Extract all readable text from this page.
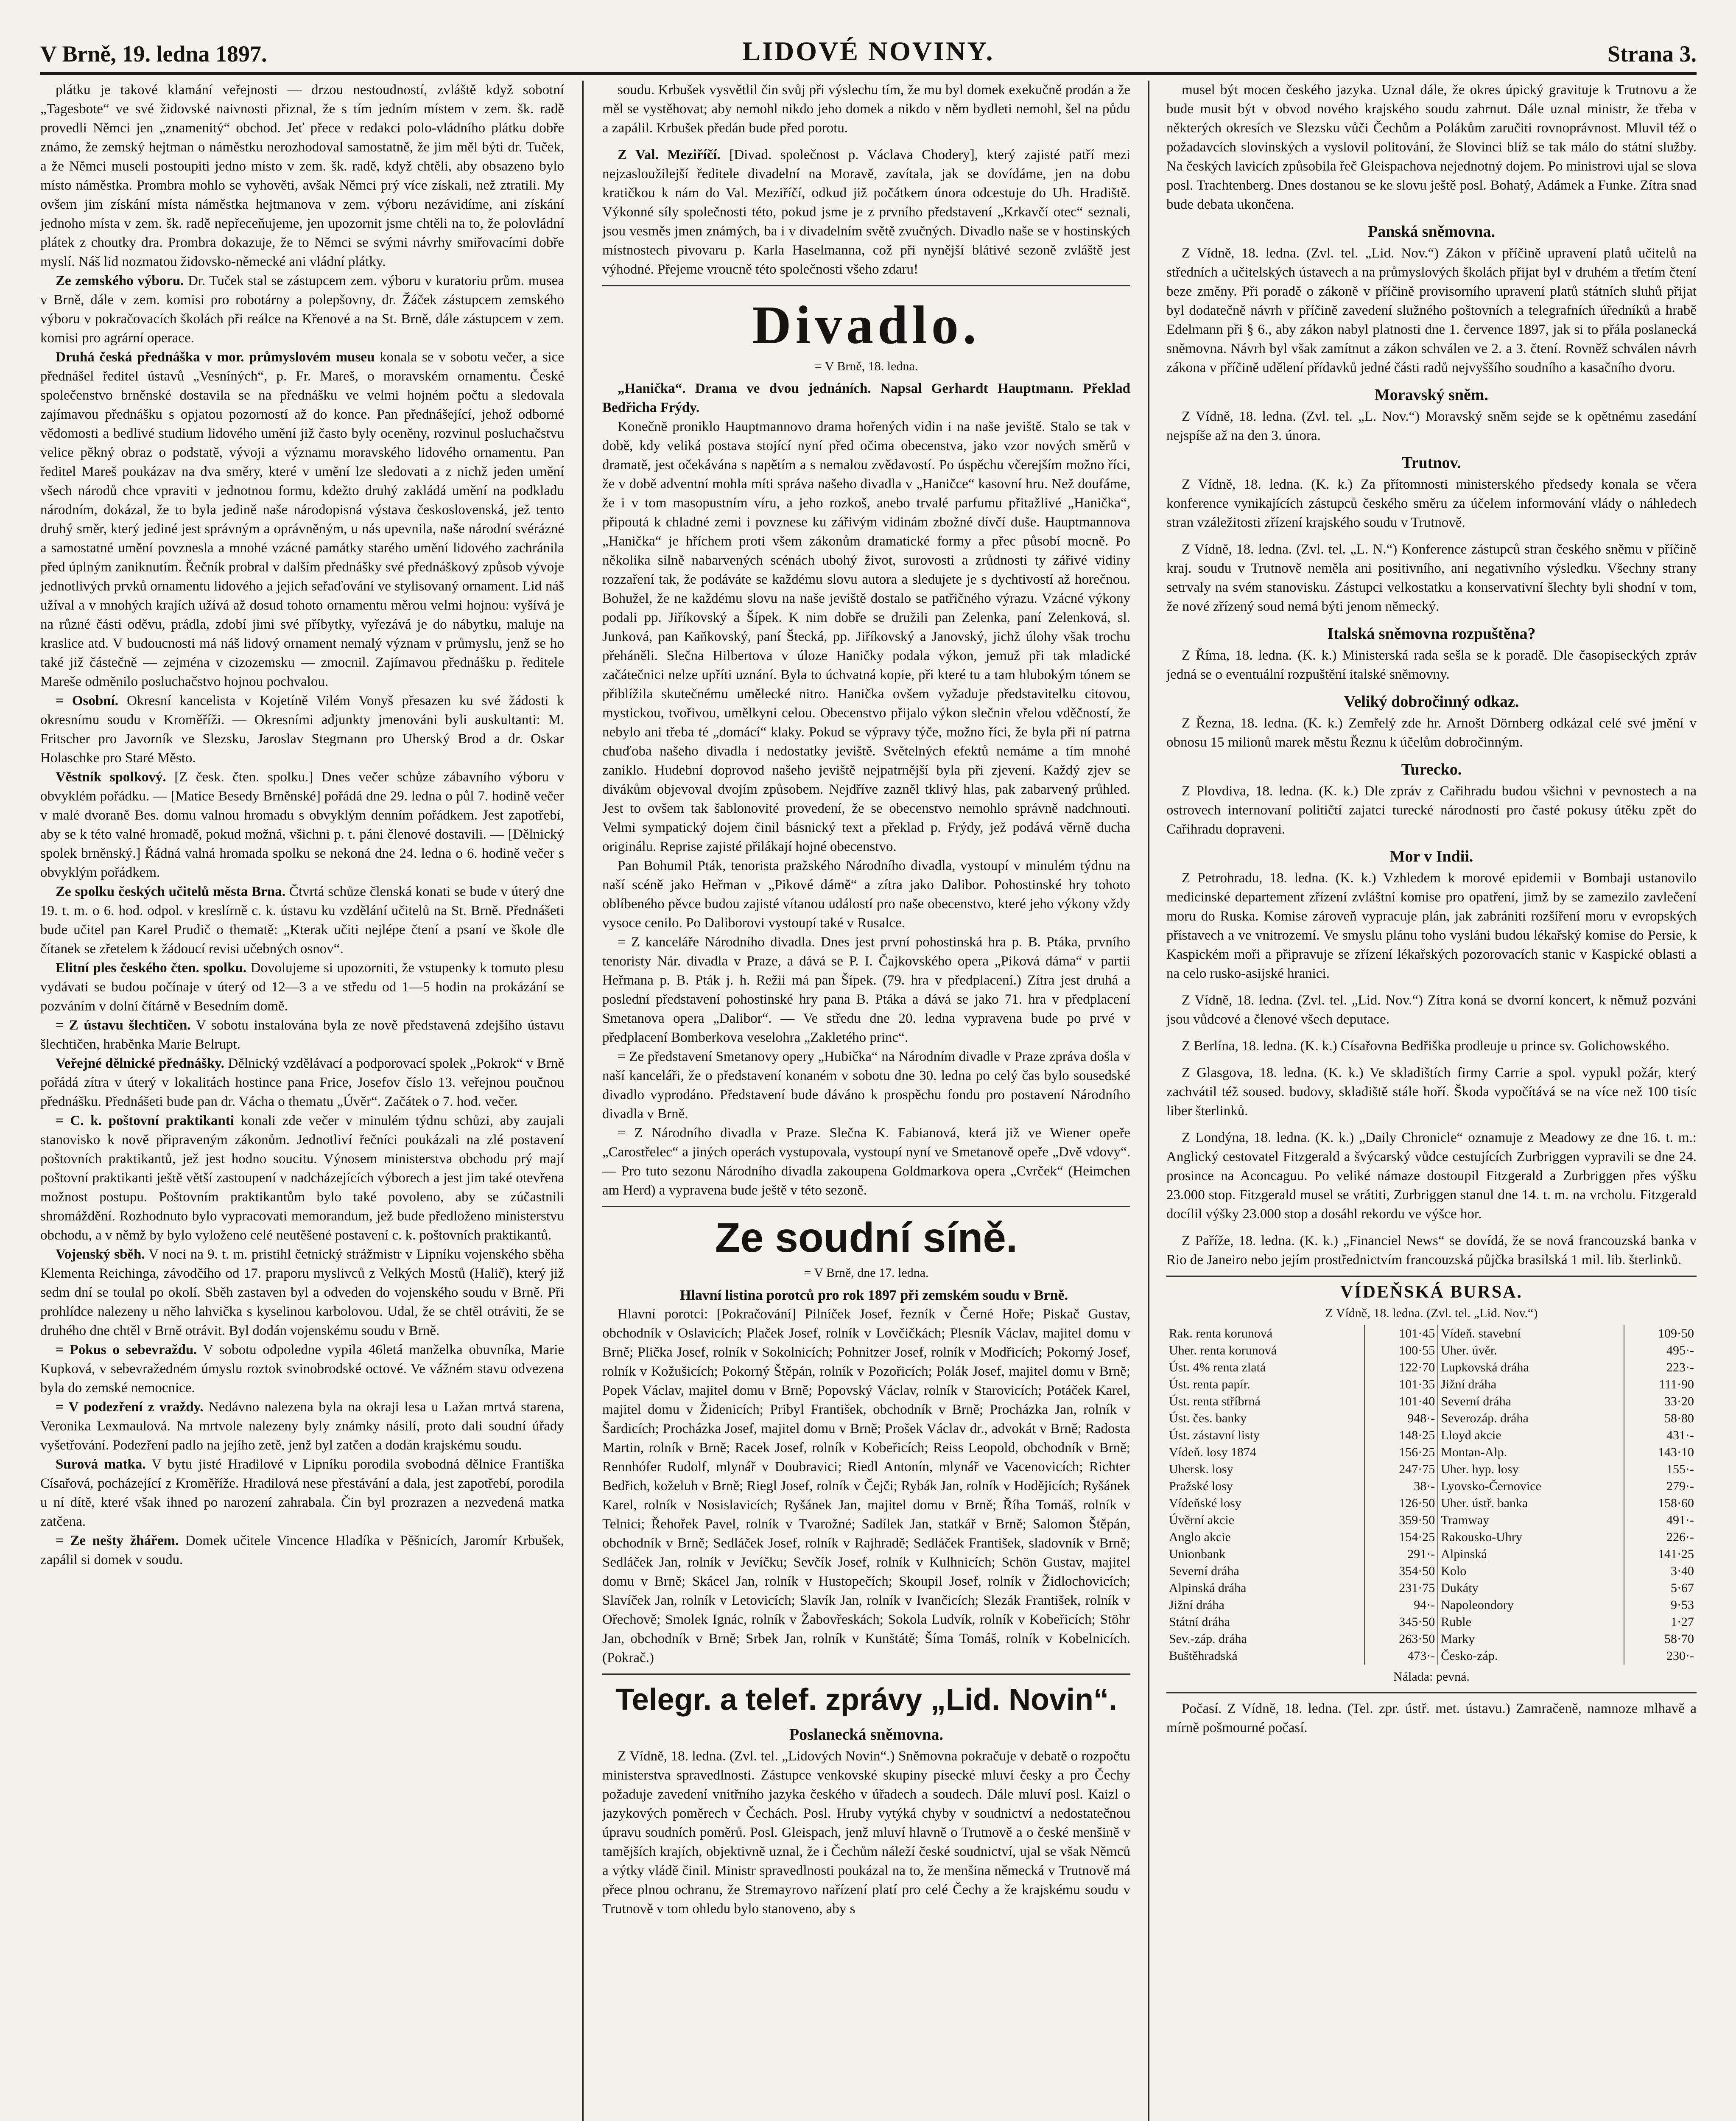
V Brně, 19. ledna 1897.	LIDOVÉ NOVINY.	Strana 3.

plátku je takové klamání veřejnosti — drzou nestoudností, zvláště když sobotní „Tagesbote“ ve své židovské naivnosti přiznal, že s tím jedním místem v zem. šk. radě provedli Němci jen „znamenitý“ obchod. Jeť přece v redakci polo-vládního plátku dobře známo, že zemský hejtman o náměstku nerozhodoval samostatně, že jim měl býti dr. Tuček, a že Němci museli postoupiti jedno místo v zem. šk. radě, když chtěli, aby obsazeno bylo místo náměstka. Prombra mohlo se vyhověti, avšak Němci prý více získali, než ztratili. My ovšem jim získání místa náměstka hejtmanova v zem. výboru nezávidíme, ani získání jednoho místa v zem. šk. radě nepřeceňujeme, jen upozornit jsme chtěli na to, že polovládní plátek z choutky dra. Prombra dokazuje, že to Němci se svými návrhy smiřovacími dobře myslí. Náš lid nozmatou židovsko-německé ani vládní plátky.

Ze zemského výboru. Dr. Tuček stal se zástupcem zem. výboru v kuratoriu prům. musea v Brně, dále v zem. komisi pro robotárny a polepšovny, dr. Žáček zástupcem zemského výboru v pokračovacích školách při reálce na Křenové a na St. Brně, dále zástupcem v zem. komisi pro agrární operace.

Druhá česká přednáška v mor. průmyslovém museu konala se v sobotu večer, a sice přednášel ředitel ústavů „Vesníných“, p. Fr. Mareš, o moravském ornamentu. České společenstvo brněnské dostavila se na přednášku ve velmi hojném počtu a sledovala zajímavou přednášku s opjatou pozorností až do konce. Pan přednášející, jehož odborné vědomosti a bedlivé studium lidového umění již často byly oceněny, rozvinul posluchačstvu velice pěkný obraz o podstatě, vývoji a významu moravského lidového ornamentu. Pan ředitel Mareš poukázav na dva směry, které v umění lze sledovati a z nichž jeden umění všech národů chce vpraviti v jednotnou formu, kdežto druhý zakládá umění na podkladu národním, dokázal, že to byla jedině naše národopisná výstava československá, jež tento druhý směr, který jediné jest správným a oprávněným, u nás upevnila, naše národní svérázné a samostatné umění povznesla a mnohé vzácné památky starého umění lidového zachránila před úplným zaniknutím. Řečník probral v dalším přednášky své přednáškový způsob vývoje jednotlivých prvků ornamentu lidového a jejich seřaďování ve stylisovaný ornament. Lid náš užíval a v mnohých krajích užívá až dosud tohoto ornamentu měrou velmi hojnou: vyšívá je na různé části oděvu, prádla, zdobí jimi své příbytky, vyřezává je do nábytku, maluje na kraslice atd. V budoucnosti má náš lidový ornament nemalý význam v průmyslu, jenž se ho také již částečně — zejména v cizozemsku — zmocnil. Zajímavou přednášku p. ředitele Mareše odměnilo posluchačstvo hojnou pochvalou.

= Osobní. Okresní kancelista v Kojetíně Vilém Vonyš přesazen ku své žádosti k okresnímu soudu v Kroměříži. — Okresními adjunkty jmenováni byli auskultanti: M. Fritscher pro Javorník ve Slezsku, Jaroslav Stegmann pro Uherský Brod a dr. Oskar Holaschke pro Staré Město.

Věstník spolkový. [Z česk. čten. spolku.] Dnes večer schůze zábavního výboru v obvyklém pořádku. — [Matice Besedy Brněnské] pořádá dne 29. ledna o půl 7. hodině večer v malé dvoraně Bes. domu valnou hromadu s obvyklým denním pořádkem. Jest zapotřebí, aby se k této valné hromadě, pokud možná, všichni p. t. páni členové dostavili. — [Dělnický spolek brněnský.] Řádná valná hromada spolku se nekoná dne 24. ledna o 6. hodině večer s obvyklým pořádkem.

Ze spolku českých učitelů města Brna. Čtvrtá schůze členská konati se bude v úterý dne 19. t. m. o 6. hod. odpol. v kreslírně c. k. ústavu ku vzdělání učitelů na St. Brně. Přednášeti bude učitel pan Karel Prudič o thematě: „Kterak učiti nejlépe čtení a psaní ve škole dle čítanek se zřetelem k žádoucí revisi učebných osnov“.

Elitní ples českého čten. spolku. Dovolujeme si upozorniti, že vstupenky k tomuto plesu vydávati se budou počínaje v úterý od 12—3 a ve středu od 1—5 hodin na prokázání se pozváním v dolní čítárně v Besedním domě.

= Z ústavu šlechtičen. V sobotu instalována byla ze nově představená zdejšího ústavu šlechtičen, hraběnka Marie Belrupt.

Veřejné dělnické přednášky. Dělnický vzdělávací a podporovací spolek „Pokrok“ v Brně pořádá zítra v úterý v lokalitách hostince pana Frice, Josefov číslo 13. veřejnou poučnou přednášku. Přednášeti bude pan dr. Vácha o thematu „Úvěr“. Začátek o 7. hod. večer.

= C. k. poštovní praktikanti konali zde večer v minulém týdnu schůzi, aby zaujali stanovisko k nově připraveným zákonům. Jednotliví řečníci poukázali na zlé postavení poštovních praktikantů, jež jest hodno soucitu. Výnosem ministerstva obchodu prý mají poštovní praktikanti ještě větší zastoupení v nadcházejících výborech a jest jim také otevřena možnost postupu. Poštovním praktikantům bylo také povoleno, aby se zúčastnili shromáždění. Rozhodnuto bylo vypracovati memorandum, jež bude předloženo ministerstvu obchodu, a v němž by bylo vyloženo celé neutěšené postavení c. k. poštovních praktikantů.

Vojenský sběh. V noci na 9. t. m. pristihl četnický strážmistr v Lipníku vojenského sběha Klementa Reichinga, závodčího od 17. praporu myslivců z Velkých Mostů (Halič), který již sedm dní se toulal po okolí. Sběh zastaven byl a odveden do vojenského soudu v Brně. Při prohlídce nalezeny u něho lahvička s kyselinou karbolovou. Udal, že se chtěl otráviti, že se druhého dne chtěl v Brně otrávit. Byl dodán vojenskému soudu v Brně.

= Pokus o sebevraždu. V sobotu odpoledne vypila 46letá manželka obuvníka, Marie Kupková, v sebevražedném úmyslu roztok svinobrodské octové. Ve vážném stavu odvezena byla do zemské nemocnice.

= V podezření z vraždy. Nedávno nalezena byla na okraji lesa u Lažan mrtvá starena, Veronika Lexmaulová. Na mrtvole nalezeny byly známky násilí, proto dali soudní úřady vyšetřování. Podezření padlo na jejího zetě, jenž byl zatčen a dodán krajskému soudu.

Surová matka. V bytu jisté Hradilové v Lipníku porodila svobodná dělnice Františka Císařová, pocházející z Kroměříže. Hradilová nese přestávání a dala, jest zapotřebí, porodila u ní dítě, které však ihned po narození zahrabala. Čin byl prozrazen a nezvedená matka zatčena.

= Ze nešty žhářem. Domek učitele Vincence Hladíka v Pěšnicích, Jaromír Krbušek, zapálil si domek v soudu.

soudu. Krbušek vysvětlil čin svůj při výslechu tím, že mu byl domek exekučně prodán a že měl se vystěhovat; aby nemohl nikdo jeho domek a nikdo v něm bydleti nemohl, šel na půdu a zapálil. Krbušek předán bude před porotu.

Z Val. Meziříčí. [Divad. společnost p. Václava Chodery], který zajisté patří mezi nejzasloužilejší ředitele divadelní na Moravě, zavítala, jak se dovídáme, jen na dobu kratičkou k nám do Val. Meziříčí, odkud již počátkem února odcestuje do Uh. Hradiště. Výkonné síly společnosti této, pokud jsme je z prvního představení „Krkavčí otec“ seznali, jsou vesměs jmen známých, ba i v divadelním světě zvučných. Divadlo naše se v hostinských místnostech pivovaru p. Karla Haselmanna, což při nynější blátivé sezoně zvláště jest výhodné. Přejeme vroucně této společnosti všeho zdaru!

Divadlo.
= V Brně, 18. ledna.

„Hanička“. Drama ve dvou jednáních. Napsal Gerhardt Hauptmann. Překlad Bedřicha Frýdy.

Konečně proniklo Hauptmannovo drama hořených vidin i na naše jeviště. Stalo se tak v době, kdy veliká postava stojící nyní před očima obecenstva, jako vzor nových směrů v dramatě, jest očekávána s napětím a s nemalou zvědavostí. Po úspěchu včerejším možno říci, že v době adventní mohla míti správa našeho divadla v „Haničce“ kasovní hru. Než doufáme, že i v tom masopustním víru, a jeho rozkoš, anebo trvalé parfumu přitažlivé „Hanička“, připoutá k chladné zemi i povznese ku zářivým vidinám zbožné dívčí duše. Hauptmannova „Hanička“ je hříchem proti všem zákonům dramatické formy a přec působí mocně. Po několika silně nabarvených scénách ubohý život, surovosti a zrůdnosti ty zářivé vidiny rozzaření tak, že podáváte se každému slovu autora a sledujete je s dychtivostí až horečnou. Bohužel, že ne každému slovu na naše jeviště dostalo se patřičného výrazu. Vzácné výkony podali pp. Jiříkovský a Šípek. K nim dobře se družili pan Zelenka, paní Zelenková, sl. Junková, pan Kaňkovský, paní Štecká, pp. Jiříkovský a Janovský, jichž úlohy však trochu přeháněli. Slečna Hilbertova v úloze Haničky podala výkon, jemuž při tak mladické začátečnici nelze upříti uznání. Byla to úchvatná kopie, při které tu a tam hlubokým tónem se přiblížila skutečnému umělecké nitro. Hanička ovšem vyžaduje představitelku citovou, mystickou, tvořivou, umělkyni celou. Obecenstvo přijalo výkon slečnin vřelou vděčností, že nebylo ani třeba té „domácí“ klaky. Pokud se výpravy týče, možno říci, že byla při ní patrna chuďoba našeho divadla i nedostatky jeviště. Světelných efektů nemáme a tím mnohé zaniklo. Hudební doprovod našeho jeviště nejpatrnější byla při zjevení. Každý zjev se divákům objevoval dvojím způsobem. Nejdříve zazněl tklivý hlas, pak zabarvený průhled. Jest to ovšem tak šablonovité provedení, že se obecenstvo nemohlo správně nadchnouti. Velmi sympatický dojem činil básnický text a překlad p. Frýdy, jež podává věrně ducha originálu. Reprise zajisté přilákají hojné obecenstvo.

Pan Bohumil Pták, tenorista pražského Národního divadla, vystoupí v minulém týdnu na naší scéně jako Heřman v „Pikové dámě“ a zítra jako Dalibor. Pohostinské hry tohoto oblíbeného pěvce budou zajisté vítanou událostí pro naše obecenstvo, které jeho výkony vždy vysoce cenilo. Po Daliborovi vystoupí také v Rusalce.

= Z kanceláře Národního divadla. Dnes jest první pohostinská hra p. B. Ptáka, prvního tenoristy Nár. divadla v Praze, a dává se P. I. Čajkovského opera „Piková dáma“ v partii Heřmana p. B. Pták j. h. Režii má pan Šípek. (79. hra v předplacení.) Zítra jest druhá a poslední představení pohostinské hry pana B. Ptáka a dává se jako 71. hra v předplacení Smetanova opera „Dalibor“. — Ve středu dne 20. ledna vypravena bude po prvé v předplacení Bomberkova veselohra „Zakletého princ“.

= Ze představení Smetanovy opery „Hubička“ na Národním divadle v Praze zpráva došla v naší kanceláři, že o představení konaném v sobotu dne 30. ledna po celý čas bylo sousedské divadlo vyprodáno. Představení bude dáváno k prospěchu fondu pro postavení Národního divadla v Brně.

= Z Národního divadla v Praze. Slečna K. Fabianová, která již ve Wiener opeře „Carostřelec“ a jiných operách vystupovala, vystoupí nyní ve Smetanově opeře „Dvě vdovy“. — Pro tuto sezonu Národního divadla zakoupena Goldmarkova opera „Cvrček“ (Heimchen am Herd) a vypravena bude ještě v této sezoně.

Ze soudní síně.
= V Brně, dne 17. ledna.

Hlavní listina porotců pro rok 1897 při zemském soudu v Brně.

Hlavní porotci: [Pokračování] Pilníček Josef, řezník v Černé Hoře; Piskač Gustav, obchodník v Oslavicích; Plaček Josef, rolník v Lovčičkách; Plesník Václav, majitel domu v Brně; Plička Josef, rolník v Sokolnicích; Pohnitzer Josef, rolník v Modřicích; Pokorný Josef, rolník v Kožušicích; Pokorný Štěpán, rolník v Pozořicích; Polák Josef, majitel domu v Brně; Popek Václav, majitel domu v Brně; Popovský Václav, rolník v Starovicích; Potáček Karel, majitel domu v Židenicích; Pribyl František, obchodník v Brně; Procházka Jan, rolník v Šardicích; Procházka Josef, majitel domu v Brně; Prošek Václav dr., advokát v Brně; Radosta Martin, rolník v Brně; Racek Josef, rolník v Kobeřicích; Reiss Leopold, obchodník v Brně; Rennhófer Rudolf, mlynář v Doubravici; Riedl Antonín, mlynář ve Vacenovicích; Richter Bedřich, koželuh v Brně; Riegl Josef, rolník v Čejči; Rybák Jan, rolník v Hodějicích; Ryšánek Karel, rolník v Nosislavicích; Ryšánek Jan, majitel domu v Brně; Říha Tomáš, rolník v Telnici; Řehořek Pavel, rolník v Tvarožné; Sadílek Jan, statkář v Brně; Salomon Štěpán, obchodník v Brně; Sedláček Josef, rolník v Rajhradě; Sedláček František, sladovník v Brně; Sedláček Jan, rolník v Jevíčku; Sevčík Josef, rolník v Kulhnicích; Schön Gustav, majitel domu v Brně; Skácel Jan, rolník v Hustopečích; Skoupil Josef, rolník v Židlochovicích; Slavíček Jan, rolník v Letovicích; Slavík Jan, rolník v Ivančicích; Slezák František, rolník v Ořechově; Smolek Ignác, rolník v Žabovřeskách; Sokola Ludvík, rolník v Kobeřicích; Stöhr Jan, obchodník v Brně; Srbek Jan, rolník v Kunštátě; Šíma Tomáš, rolník v Kobelnicích. (Pokrač.)

Telegr. a telef. zprávy „Lid. Novin“.
Poslanecká sněmovna.

Z Vídně, 18. ledna. (Zvl. tel. „Lidových Novin“.) Sněmovna pokračuje v debatě o rozpočtu ministerstva spravedlnosti. Zástupce venkovské skupiny písecké mluví česky a pro Čechy požaduje zavedení vnitřního jazyka českého v úřadech a soudech. Dále mluví posl. Kaizl o jazykových poměrech v Čechách. Posl. Hruby vytýká chyby v soudnictví a nedostatečnou úpravu soudních poměrů. Posl. Gleispach, jenž mluví hlavně o Trutnově a o české menšině v tamějších krajích, objektivně uznal, že i Čechům náleží české soudnictví, ujal se však Němců a výtky vládě činil. Ministr spravedlnosti poukázal na to, že menšina německá v Trutnově má přece plnou ochranu, že Stremayrovo nařízení platí pro celé Čechy a že krajskému soudu v Trutnově v tom ohledu bylo stanoveno, aby s

musel být mocen českého jazyka. Uznal dále, že okres úpický gravituje k Trutnovu a že bude musit být v obvod nového krajského soudu zahrnut. Dále uznal ministr, že třeba v některých okresích ve Slezsku vůči Čechům a Polákům zaručiti rovnoprávnost. Mluvil též o požadavcích slovinských a vyslovil politování, že Slovinci blíž se tak málo do státní služby. Na českých lavicích způsobila řeč Gleispachova nejednotný dojem. Po ministrovi ujal se slova posl. Trachtenberg. Dnes dostanou se ke slovu ještě posl. Bohatý, Adámek a Funke. Zítra snad bude debata ukončena.

Panská sněmovna.

Z Vídně, 18. ledna. (Zvl. tel. „Lid. Nov.“) Zákon v příčině upravení platů učitelů na středních a učitelských ústavech a na průmyslových školách přijat byl v druhém a třetím čtení beze změny. Při poradě o zákoně v příčině provisorního upravení platů státních sluhů přijat byl dodatečně návrh v příčině zavedení služného poštovních a telegrafních úředníků a hrabě Edelmann při § 6., aby zákon nabyl platnosti dne 1. července 1897, jak si to přála poslanecká sněmovna. Návrh byl však zamítnut a zákon schválen ve 2. a 3. čtení. Rovněž schválen návrh zákona v příčině udělení přídavků jedné části radů nejvyššího soudního a kasačního dvoru.

Moravský sněm.

Z Vídně, 18. ledna. (Zvl. tel. „L. Nov.“) Moravský sněm sejde se k opětnému zasedání nejspíše až na den 3. února.

Trutnov.

Z Vídně, 18. ledna. (K. k.) Za přítomnosti ministerského předsedy konala se včera konference vynikajících zástupců českého směru za účelem informování vlády o náhledech stran vzáležitosti zřízení krajského soudu v Trutnově.

Z Vídně, 18. ledna. (Zvl. tel. „L. N.“) Konference zástupců stran českého sněmu v příčině kraj. soudu v Trutnově neměla ani positivního, ani negativního výsledku. Všechny strany setrvaly na svém stanovisku. Zástupci velkostatku a konservativní šlechty byli shodní v tom, že nové zřízený soud nemá býti jenom německý.

Italská sněmovna rozpuštěna?

Z Říma, 18. ledna. (K. k.) Ministerská rada sešla se k poradě. Dle časopiseckých zpráv jedná se o eventuální rozpuštění italské sněmovny.

Veliký dobročinný odkaz.

Z Řezna, 18. ledna. (K. k.) Zemřelý zde hr. Arnošt Dörnberg odkázal celé své jmění v obnosu 15 milionů marek městu Řeznu k účelům dobročinným.

Turecko.

Z Plovdiva, 18. ledna. (K. k.) Dle zpráv z Cařihradu budou všichni v pevnostech a na ostrovech internovaní političtí zajatci turecké národnosti pro časté pokusy útěku zpět do Cařihradu dopraveni.

Mor v Indii.

Z Petrohradu, 18. ledna. (K. k.) Vzhledem k morové epidemii v Bombaji ustanovilo medicinské departement zřízení zvláštní komise pro opatření, jimž by se zamezilo zavlečení moru do Ruska. Komise zároveň vypracuje plán, jak zabrániti rozšíření moru v evropských přístavech a ve vnitrozemí. Ve smyslu plánu toho vysláni budou lékařský komise do Persie, k Kaspickém moři a připravuje se zřízení lékařských pozorovacích stanic v Kaspické oblasti a na celo rusko-asijské hranici.

Z Vídně, 18. ledna. (Zvl. tel. „Lid. Nov.“) Zítra koná se dvorní koncert, k němuž pozváni jsou vůdcové a členové všech deputace.

Z Berlína, 18. ledna. (K. k.) Císařovna Bedřiška prodleuje u prince sv. Golichowského.

Z Glasgova, 18. ledna. (K. k.) Ve skladištích firmy Carrie a spol. vypukl požár, který zachvátil též soused. budovy, skladiště stále hoří. Škoda vypočítává se na více než 100 tisíc liber šterlinků.

Z Londýna, 18. ledna. (K. k.) „Daily Chronicle“ oznamuje z Meadowy ze dne 16. t. m.: Anglický cestovatel Fitzgerald a švýcarský vůdce cestujících Zurbriggen vypravili se dne 24. prosince na Aconcaguu. Po veliké námaze dostoupil Fitzgerald a Zurbriggen přes výšku 23.000 stop. Fitzgerald musel se vrátiti, Zurbriggen stanul dne 14. t. m. na vrcholu. Fitzgerald docílil výšky 23.000 stop a dosáhl rekordu ve výšce hor.

Z Paříže, 18. ledna. (K. k.) „Financiel News“ se dovídá, že se nová francouzská banka v Rio de Janeiro nebo jejím prostřednictvím francouzská půjčka brasilská 1 mil. lib. šterlinků.

VÍDEŇSKÁ BURSA.
Z Vídně, 18. ledna. (Zvl. tel. „Lid. Nov.“)
Rak. renta korunová	101·45	Vídeň. stavební	109·50
Uher. renta korunová	100·55	Uher. úvěr.	495·-
Úst. 4% renta zlatá	122·70	Lupkovská dráha	223·-
Úst. renta papír.	101·35	Jižní dráha	111·90
Úst. renta stříbrná	101·40	Severní dráha	33·20
Úst. čes. banky	948·-	Severozáp. dráha	58·80
Úst. zástavní listy	148·25	Lloyd akcie	431·-
Vídeň. losy 1874	156·25	Montan-Alp.	143·10
Uhersk. losy	247·75	Uher. hyp. losy	155·-
Pražské losy	38·-	Lyovsko-Černovice	279·-
Vídeňské losy	126·50	Uher. ústř. banka	158·60
Úvěrní akcie	359·50	Tramway	491·-
Anglo akcie	154·25	Rakousko-Uhry	226·-
Unionbank	291·-	Alpinská	141·25
Severní dráha	354·50	Kolo	3·40
Alpinská dráha	231·75	Dukáty	5·67
Jižní dráha	94·-	Napoleondory	9·53
Státní dráha	345·50	Ruble	1·27
Sev.-záp. dráha	263·50	Marky	58·70
Buštěhradská	473·-	Česko-záp.	230·-
Nálada: pevná.

Počasí. Z Vídně, 18. ledna. (Tel. zpr. ústř. met. ústavu.) Zamračeně, namnoze mlhavě a mírně pošmourné počasí.
